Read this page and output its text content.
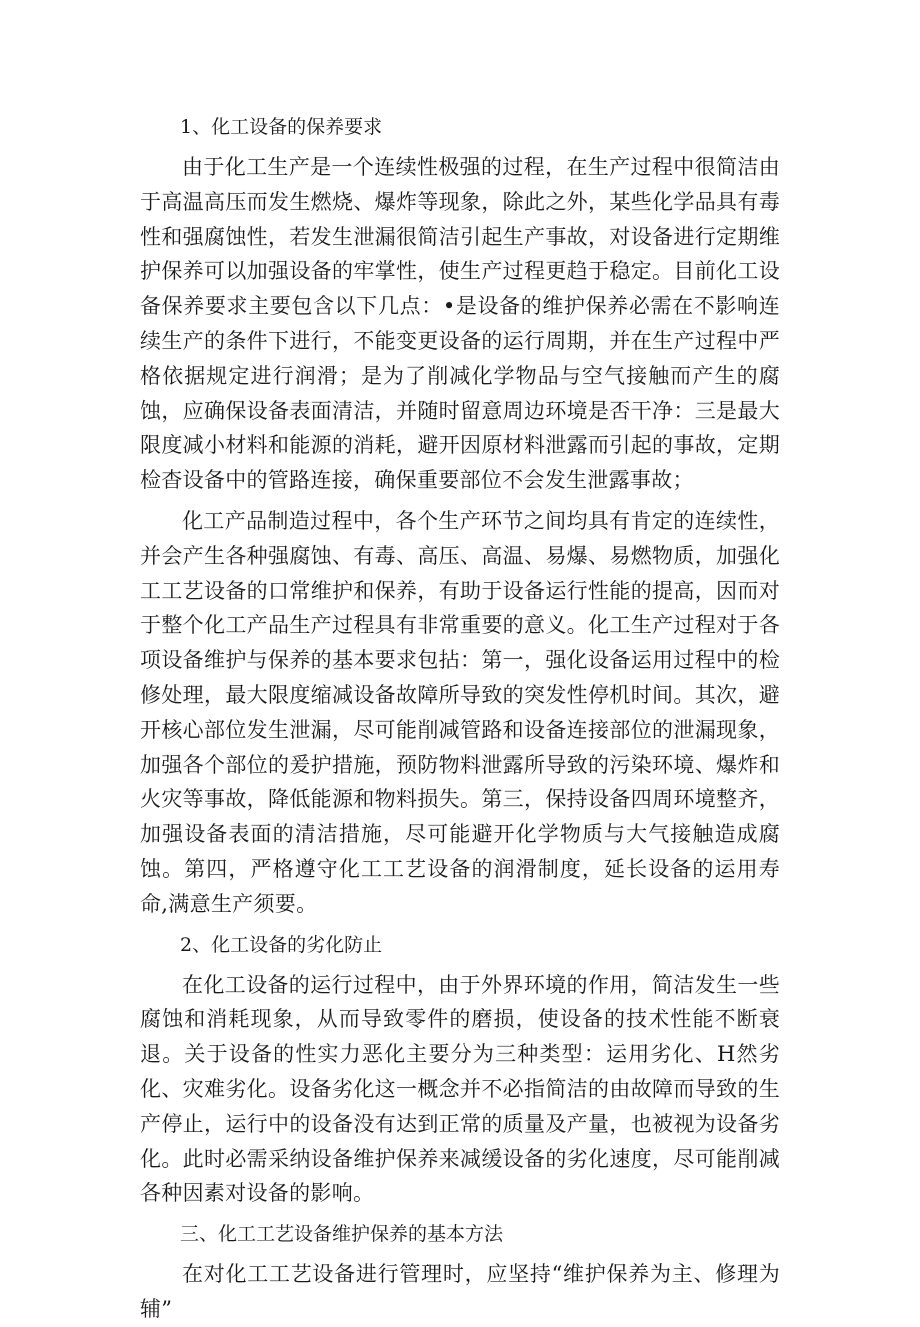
1、化工设备的保养要求

由于化工生产是一个连续性极强的过程，在生产过程中很简洁由于高温高压而发生燃烧、爆炸等现象，除此之外，某些化学品具有毒性和强腐蚀性，若发生泄漏很简洁引起生产事故，对设备进行定期维护保养可以加强设备的牢掌性，使生产过程更趋于稳定。目前化工设备保养要求主要包含以下几点：•是设备的维护保养必需在不影响连续生产的条件下进行，不能变更设备的运行周期，并在生产过程中严格依据规定进行润滑；是为了削减化学物品与空气接触而产生的腐蚀，应确保设备表面清洁，并随时留意周边环境是否干净：三是最大限度减小材料和能源的消耗，避开因原材料泄露而引起的事故，定期检杳设备中的管路连接，确保重要部位不会发生泄露事故；

化工产品制造过程中，各个生产环节之间均具有肯定的连续性，并会产生各种强腐蚀、有毒、高压、高温、易爆、易燃物质，加强化工工艺设备的口常维护和保养，有助于设备运行性能的提高，因而对于整个化工产品生产过程具有非常重要的意义。化工生产过程对于各项设备维护与保养的基本要求包拈：第一，强化设备运用过程中的检修处理，最大限度缩减设备故障所导致的突发性停机时间。其次，避开核心部位发生泄漏，尽可能削减管路和设备连接部位的泄漏现象，加强各个部位的爰护措施，预防物料泄露所导致的污染环境、爆炸和火灾等事故，降低能源和物料损失。第三，保持设备四周环境整齐，加强设备表面的清洁措施，尽可能避开化学物质与大气接触造成腐蚀。第四，严格遵守化工工艺设备的润滑制度，延长设备的运用寿命,满意生产须要。

2、化工设备的劣化防止

在化工设备的运行过程中，由于外界环境的作用，简洁发生一些腐蚀和消耗现象，从而导致零件的磨损，使设备的技术性能不断衰退。关于设备的性实力恶化主要分为三种类型：运用劣化、H然劣化、灾难劣化。设备劣化这一概念并不必指简洁的由故障而导致的生产停止，运行中的设备没有达到正常的质量及产量，也被视为设备劣化。此时必需采纳设备维护保养来减缓设备的劣化速度，尽可能削减各种因素对设备的影响。

三、化工工艺设备维护保养的基本方法

在对化工工艺设备进行管理时，应坚持“维护保养为主、修理为辅”
